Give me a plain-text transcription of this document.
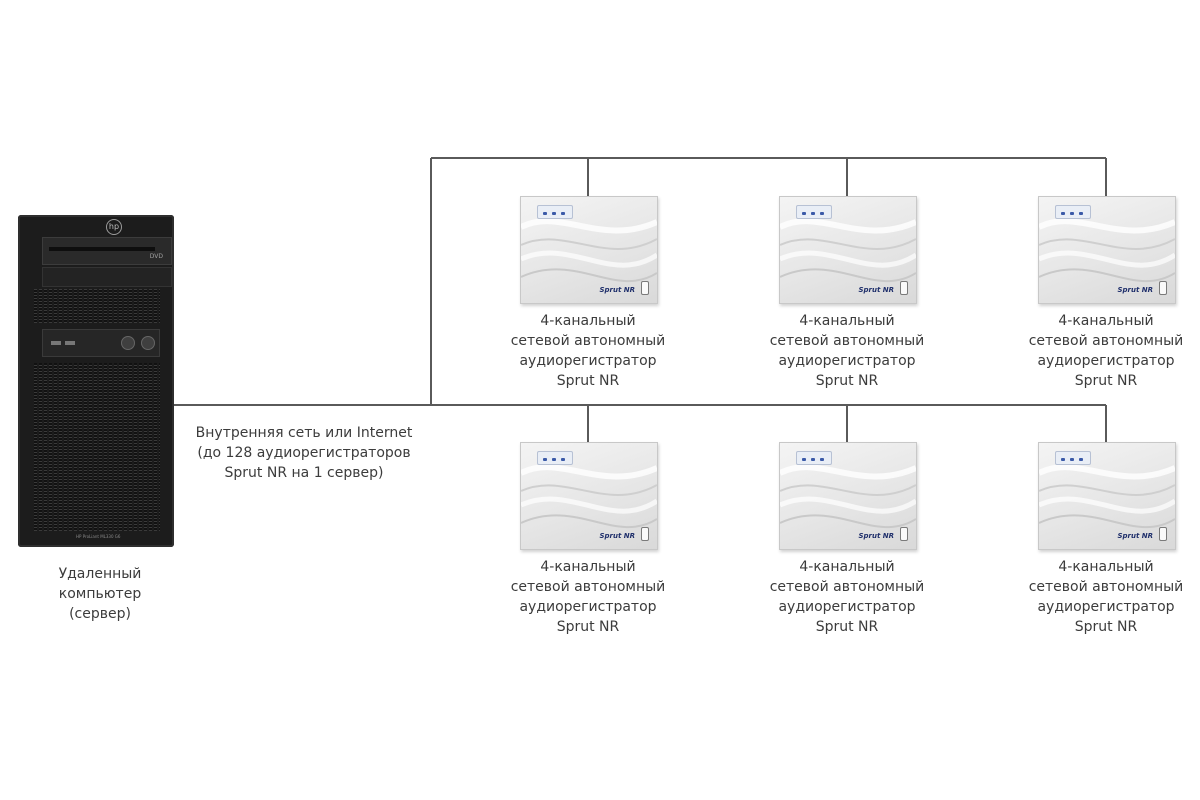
hp
DVD
HP ProLiant ML330 G6
Удаленный
компьютер
(сервер)
Внутренняя сеть или Internet
(до 128 аудиорегистраторов
Sprut NR на 1 сервер)
Sprut NR	Sprut NR	Sprut NR
Sprut NR	Sprut NR	Sprut NR
4-канальный
сетевой автономный
аудиорегистратор
Sprut NR
4-канальный
сетевой автономный
аудиорегистратор
Sprut NR
4-канальный
сетевой автономный
аудиорегистратор
Sprut NR
4-канальный
сетевой автономный
аудиорегистратор
Sprut NR
4-канальный
сетевой автономный
аудиорегистратор
Sprut NR
4-канальный
сетевой автономный
аудиорегистратор
Sprut NR
